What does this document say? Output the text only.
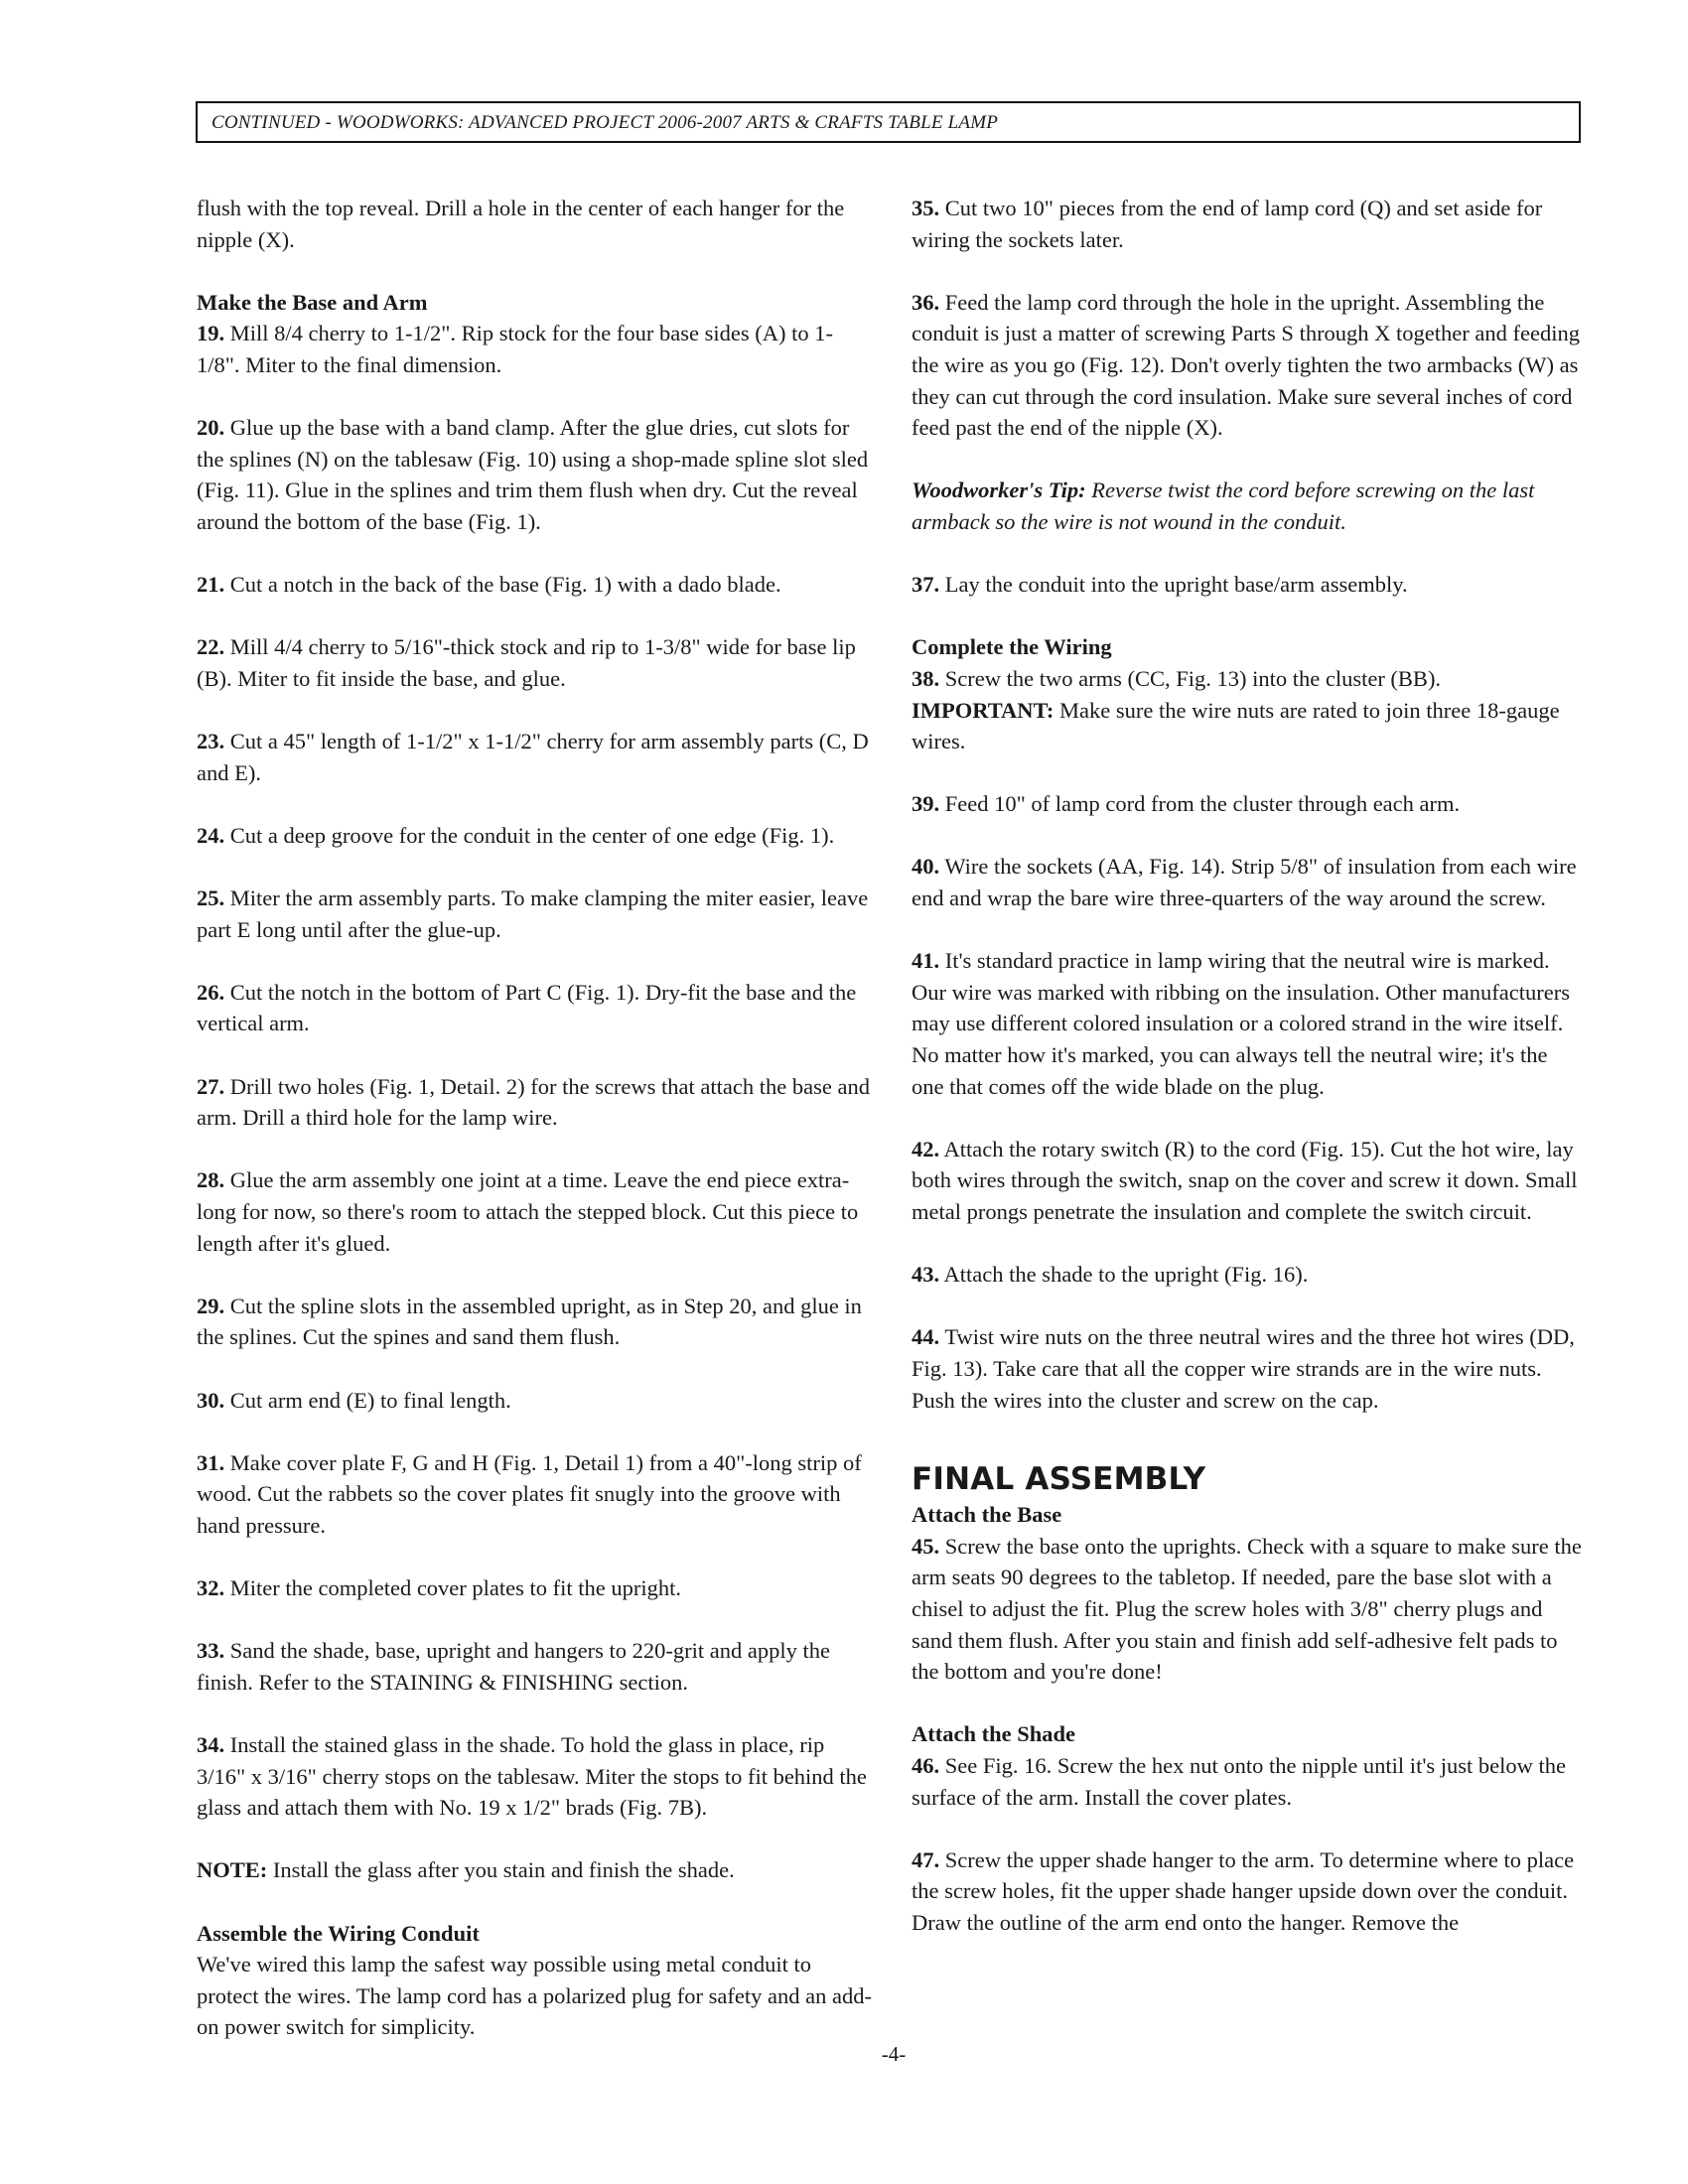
CONTINUED - WOODWORKS: ADVANCED PROJECT 2006-2007 ARTS & CRAFTS TABLE LAMP
flush with the top reveal. Drill a hole in the center of each hanger for the nipple (X).
Make the Base and Arm
19. Mill 8/4 cherry to 1-1/2". Rip stock for the four base sides (A) to 1-1/8". Miter to the final dimension.
20. Glue up the base with a band clamp. After the glue dries, cut slots for the splines (N) on the tablesaw (Fig. 10) using a shop-made spline slot sled (Fig. 11). Glue in the splines and trim them flush when dry. Cut the reveal around the bottom of the base (Fig. 1).
21. Cut a notch in the back of the base (Fig. 1) with a dado blade.
22. Mill 4/4 cherry to 5/16"-thick stock and rip to 1-3/8" wide for base lip (B). Miter to fit inside the base, and glue.
23. Cut a 45" length of 1-1/2" x 1-1/2" cherry for arm assembly parts (C, D and E).
24. Cut a deep groove for the conduit in the center of one edge (Fig. 1).
25. Miter the arm assembly parts. To make clamping the miter easier, leave part E long until after the glue-up.
26. Cut the notch in the bottom of Part C (Fig. 1). Dry-fit the base and the vertical arm.
27. Drill two holes (Fig. 1, Detail. 2) for the screws that attach the base and arm. Drill a third hole for the lamp wire.
28. Glue the arm assembly one joint at a time. Leave the end piece extra-long for now, so there's room to attach the stepped block. Cut this piece to length after it's glued.
29. Cut the spline slots in the assembled upright, as in Step 20, and glue in the splines. Cut the spines and sand them flush.
30. Cut arm end (E) to final length.
31. Make cover plate F, G and H (Fig. 1, Detail 1) from a 40"-long strip of wood. Cut the rabbets so the cover plates fit snugly into the groove with hand pressure.
32. Miter the completed cover plates to fit the upright.
33. Sand the shade, base, upright and hangers to 220-grit and apply the finish. Refer to the STAINING & FINISHING section.
34. Install the stained glass in the shade. To hold the glass in place, rip 3/16" x 3/16" cherry stops on the tablesaw. Miter the stops to fit behind the glass and attach them with No. 19 x 1/2" brads (Fig. 7B).
NOTE: Install the glass after you stain and finish the shade.
Assemble the Wiring Conduit
We've wired this lamp the safest way possible using metal conduit to protect the wires. The lamp cord has a polarized plug for safety and an add-on power switch for simplicity.
35. Cut two 10" pieces from the end of lamp cord (Q) and set aside for wiring the sockets later.
36. Feed the lamp cord through the hole in the upright. Assembling the conduit is just a matter of screwing Parts S through X together and feeding the wire as you go (Fig. 12). Don't overly tighten the two armbacks (W) as they can cut through the cord insulation. Make sure several inches of cord feed past the end of the nipple (X).
Woodworker's Tip: Reverse twist the cord before screwing on the last armback so the wire is not wound in the conduit.
37. Lay the conduit into the upright base/arm assembly.
Complete the Wiring
38. Screw the two arms (CC, Fig. 13) into the cluster (BB).
IMPORTANT: Make sure the wire nuts are rated to join three 18-gauge wires.
39. Feed 10" of lamp cord from the cluster through each arm.
40. Wire the sockets (AA, Fig. 14). Strip 5/8" of insulation from each wire end and wrap the bare wire three-quarters of the way around the screw.
41. It's standard practice in lamp wiring that the neutral wire is marked. Our wire was marked with ribbing on the insulation. Other manufacturers may use different colored insulation or a colored strand in the wire itself. No matter how it's marked, you can always tell the neutral wire; it's the one that comes off the wide blade on the plug.
42. Attach the rotary switch (R) to the cord (Fig. 15). Cut the hot wire, lay both wires through the switch, snap on the cover and screw it down. Small metal prongs penetrate the insulation and complete the switch circuit.
43. Attach the shade to the upright (Fig. 16).
44. Twist wire nuts on the three neutral wires and the three hot wires (DD, Fig. 13). Take care that all the copper wire strands are in the wire nuts. Push the wires into the cluster and screw on the cap.
FINAL ASSEMBLY
Attach the Base
45. Screw the base onto the uprights. Check with a square to make sure the arm seats 90 degrees to the tabletop. If needed, pare the base slot with a chisel to adjust the fit. Plug the screw holes with 3/8" cherry plugs and sand them flush. After you stain and finish add self-adhesive felt pads to the bottom and you're done!
Attach the Shade
46. See Fig. 16. Screw the hex nut onto the nipple until it's just below the surface of the arm. Install the cover plates.
47. Screw the upper shade hanger to the arm. To determine where to place the screw holes, fit the upper shade hanger upside down over the conduit. Draw the outline of the arm end onto the hanger. Remove the
-4-
